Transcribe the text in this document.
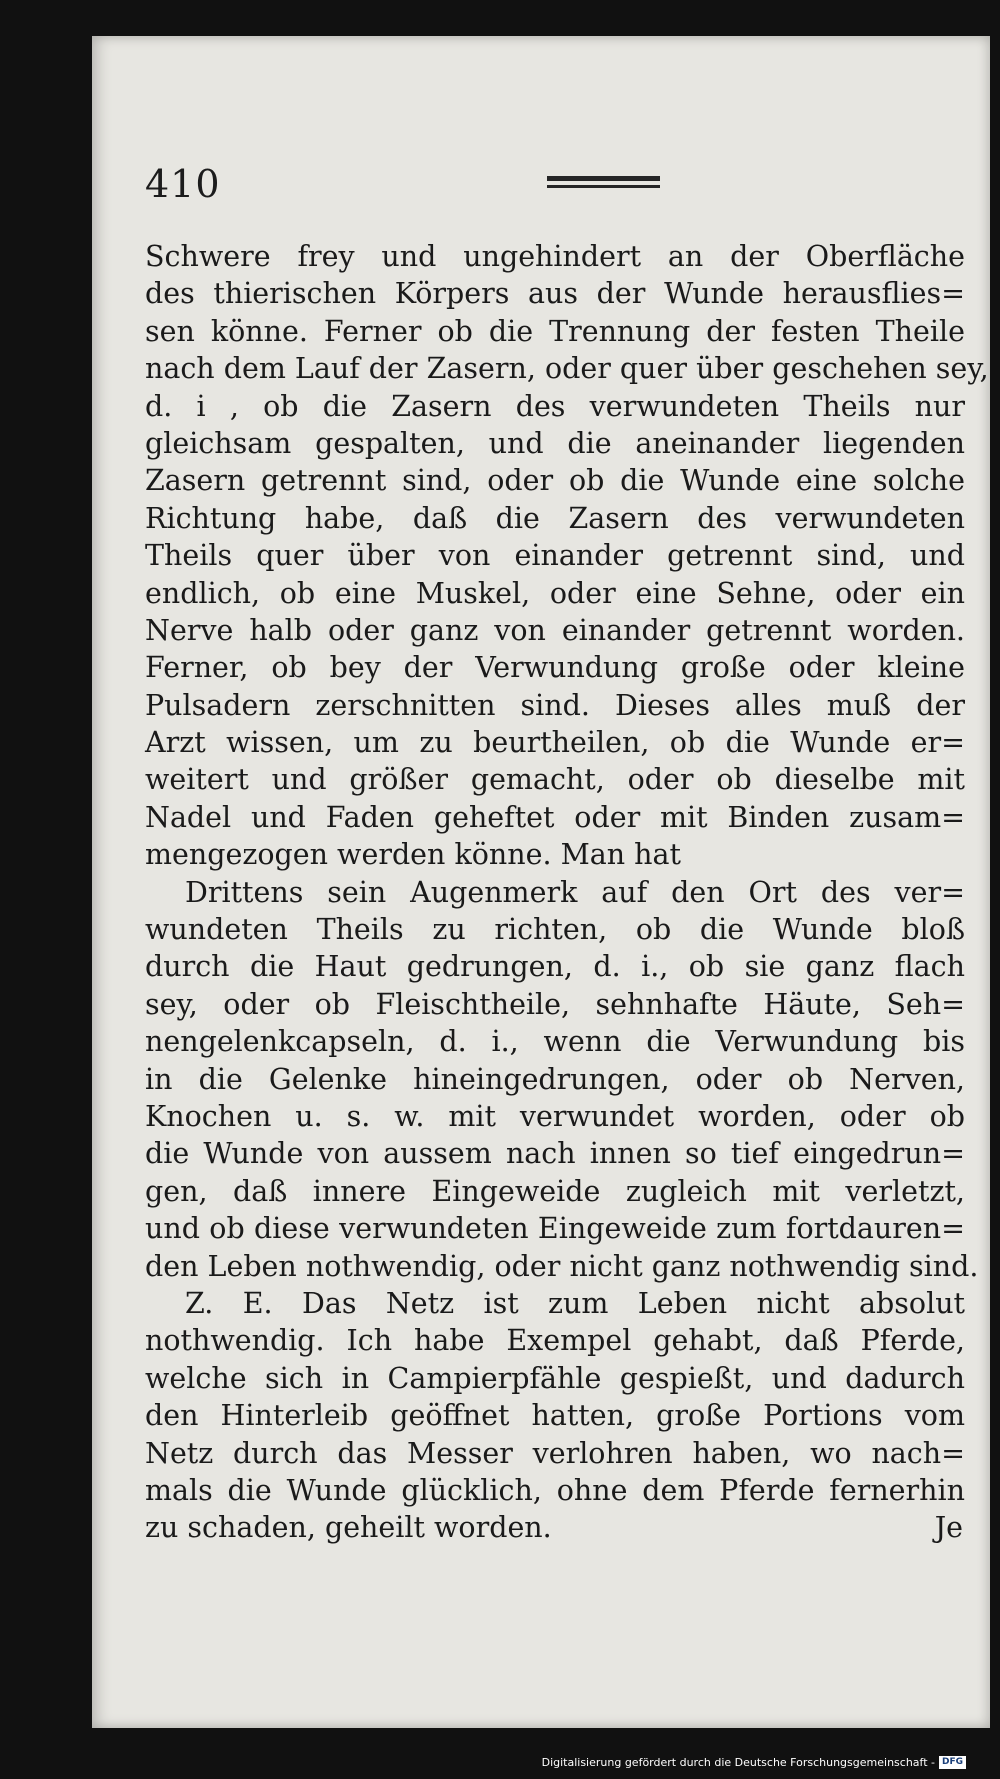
410
Schwere frey und ungehindert an der Oberfläche
des thierischen Körpers aus der Wunde herausflies=
sen könne. Ferner ob die Trennung der festen Theile
nach dem Lauf der Zasern, oder quer über geschehen sey,
d. i , ob die Zasern des verwundeten Theils nur
gleichsam gespalten, und die aneinander liegenden
Zasern getrennt sind, oder ob die Wunde eine solche
Richtung habe, daß die Zasern des verwundeten
Theils quer über von einander getrennt sind, und
endlich, ob eine Muskel, oder eine Sehne, oder ein
Nerve halb oder ganz von einander getrennt worden.
Ferner, ob bey der Verwundung große oder kleine
Pulsadern zerschnitten sind. Dieses alles muß der
Arzt wissen, um zu beurtheilen, ob die Wunde er=
weitert und größer gemacht, oder ob dieselbe mit
Nadel und Faden geheftet oder mit Binden zusam=
mengezogen werden könne. Man hat
Drittens sein Augenmerk auf den Ort des ver=
wundeten Theils zu richten, ob die Wunde bloß
durch die Haut gedrungen, d. i., ob sie ganz flach
sey, oder ob Fleischtheile, sehnhafte Häute, Seh=
nengelenkcapseln, d. i., wenn die Verwundung bis
in die Gelenke hineingedrungen, oder ob Nerven,
Knochen u. s. w. mit verwundet worden, oder ob
die Wunde von aussem nach innen so tief eingedrun=
gen, daß innere Eingeweide zugleich mit verletzt,
und ob diese verwundeten Eingeweide zum fortdauren=
den Leben nothwendig, oder nicht ganz nothwendig sind.
Z. E. Das Netz ist zum Leben nicht absolut
nothwendig. Ich habe Exempel gehabt, daß Pferde,
welche sich in Campierpfähle gespießt, und dadurch
den Hinterleib geöffnet hatten, große Portions vom
Netz durch das Messer verlohren haben, wo nach=
mals die Wunde glücklich, ohne dem Pferde fernerhin
zu schaden, geheilt worden.	Je
Digitalisierung gefördert durch die Deutsche Forschungsgemeinschaft - DFG
